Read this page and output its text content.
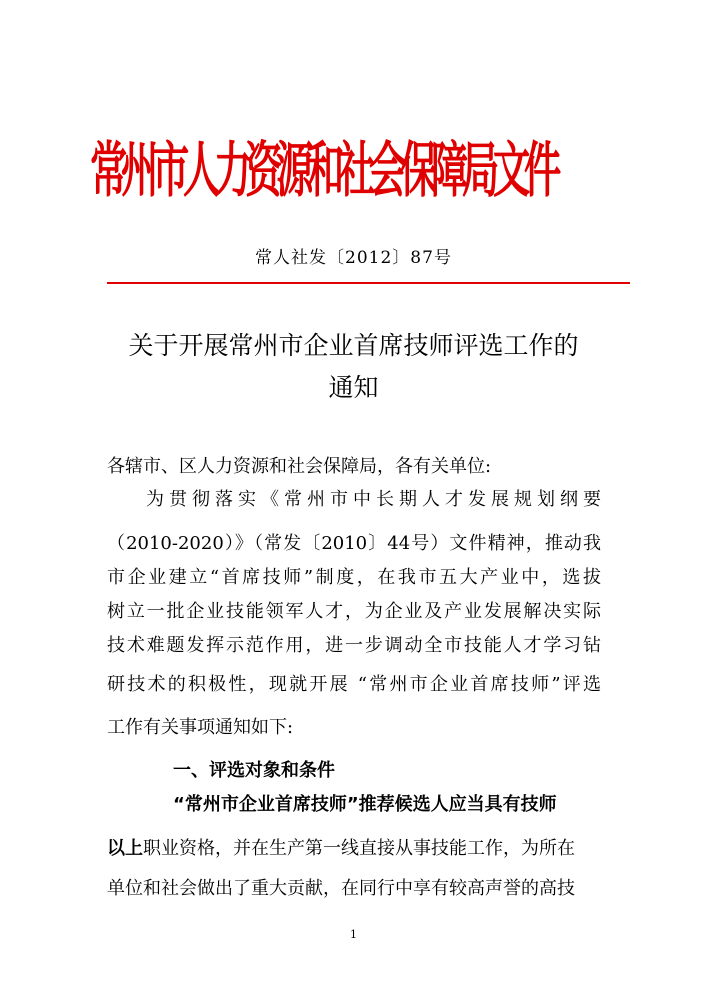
常州市人力资源和社会保障局文件
常人社发〔2012〕87号
关于开展常州市企业首席技师评选工作的
通知
各辖市、区人力资源和社会保障局，各有关单位:
为贯彻落实《常州市中长期人才发展规划纲要
（2010-2020）》（常发〔2010〕44号）文件精神，推动我
市企业建立“首席技师”制度，在我市五大产业中，选拔
树立一批企业技能领军人才，为企业及产业发展解决实际
技术难题发挥示范作用，进一步调动全市技能人才学习钻
研技术的积极性，现就开展 “常州市企业首席技师”评选
工作有关事项通知如下:
一、评选对象和条件
“常州市企业首席技师”推荐候选人应当具有技师
以上职业资格，并在生产第一线直接从事技能工作，为所在
单位和社会做出了重大贡献，在同行中享有较高声誉的高技
1
